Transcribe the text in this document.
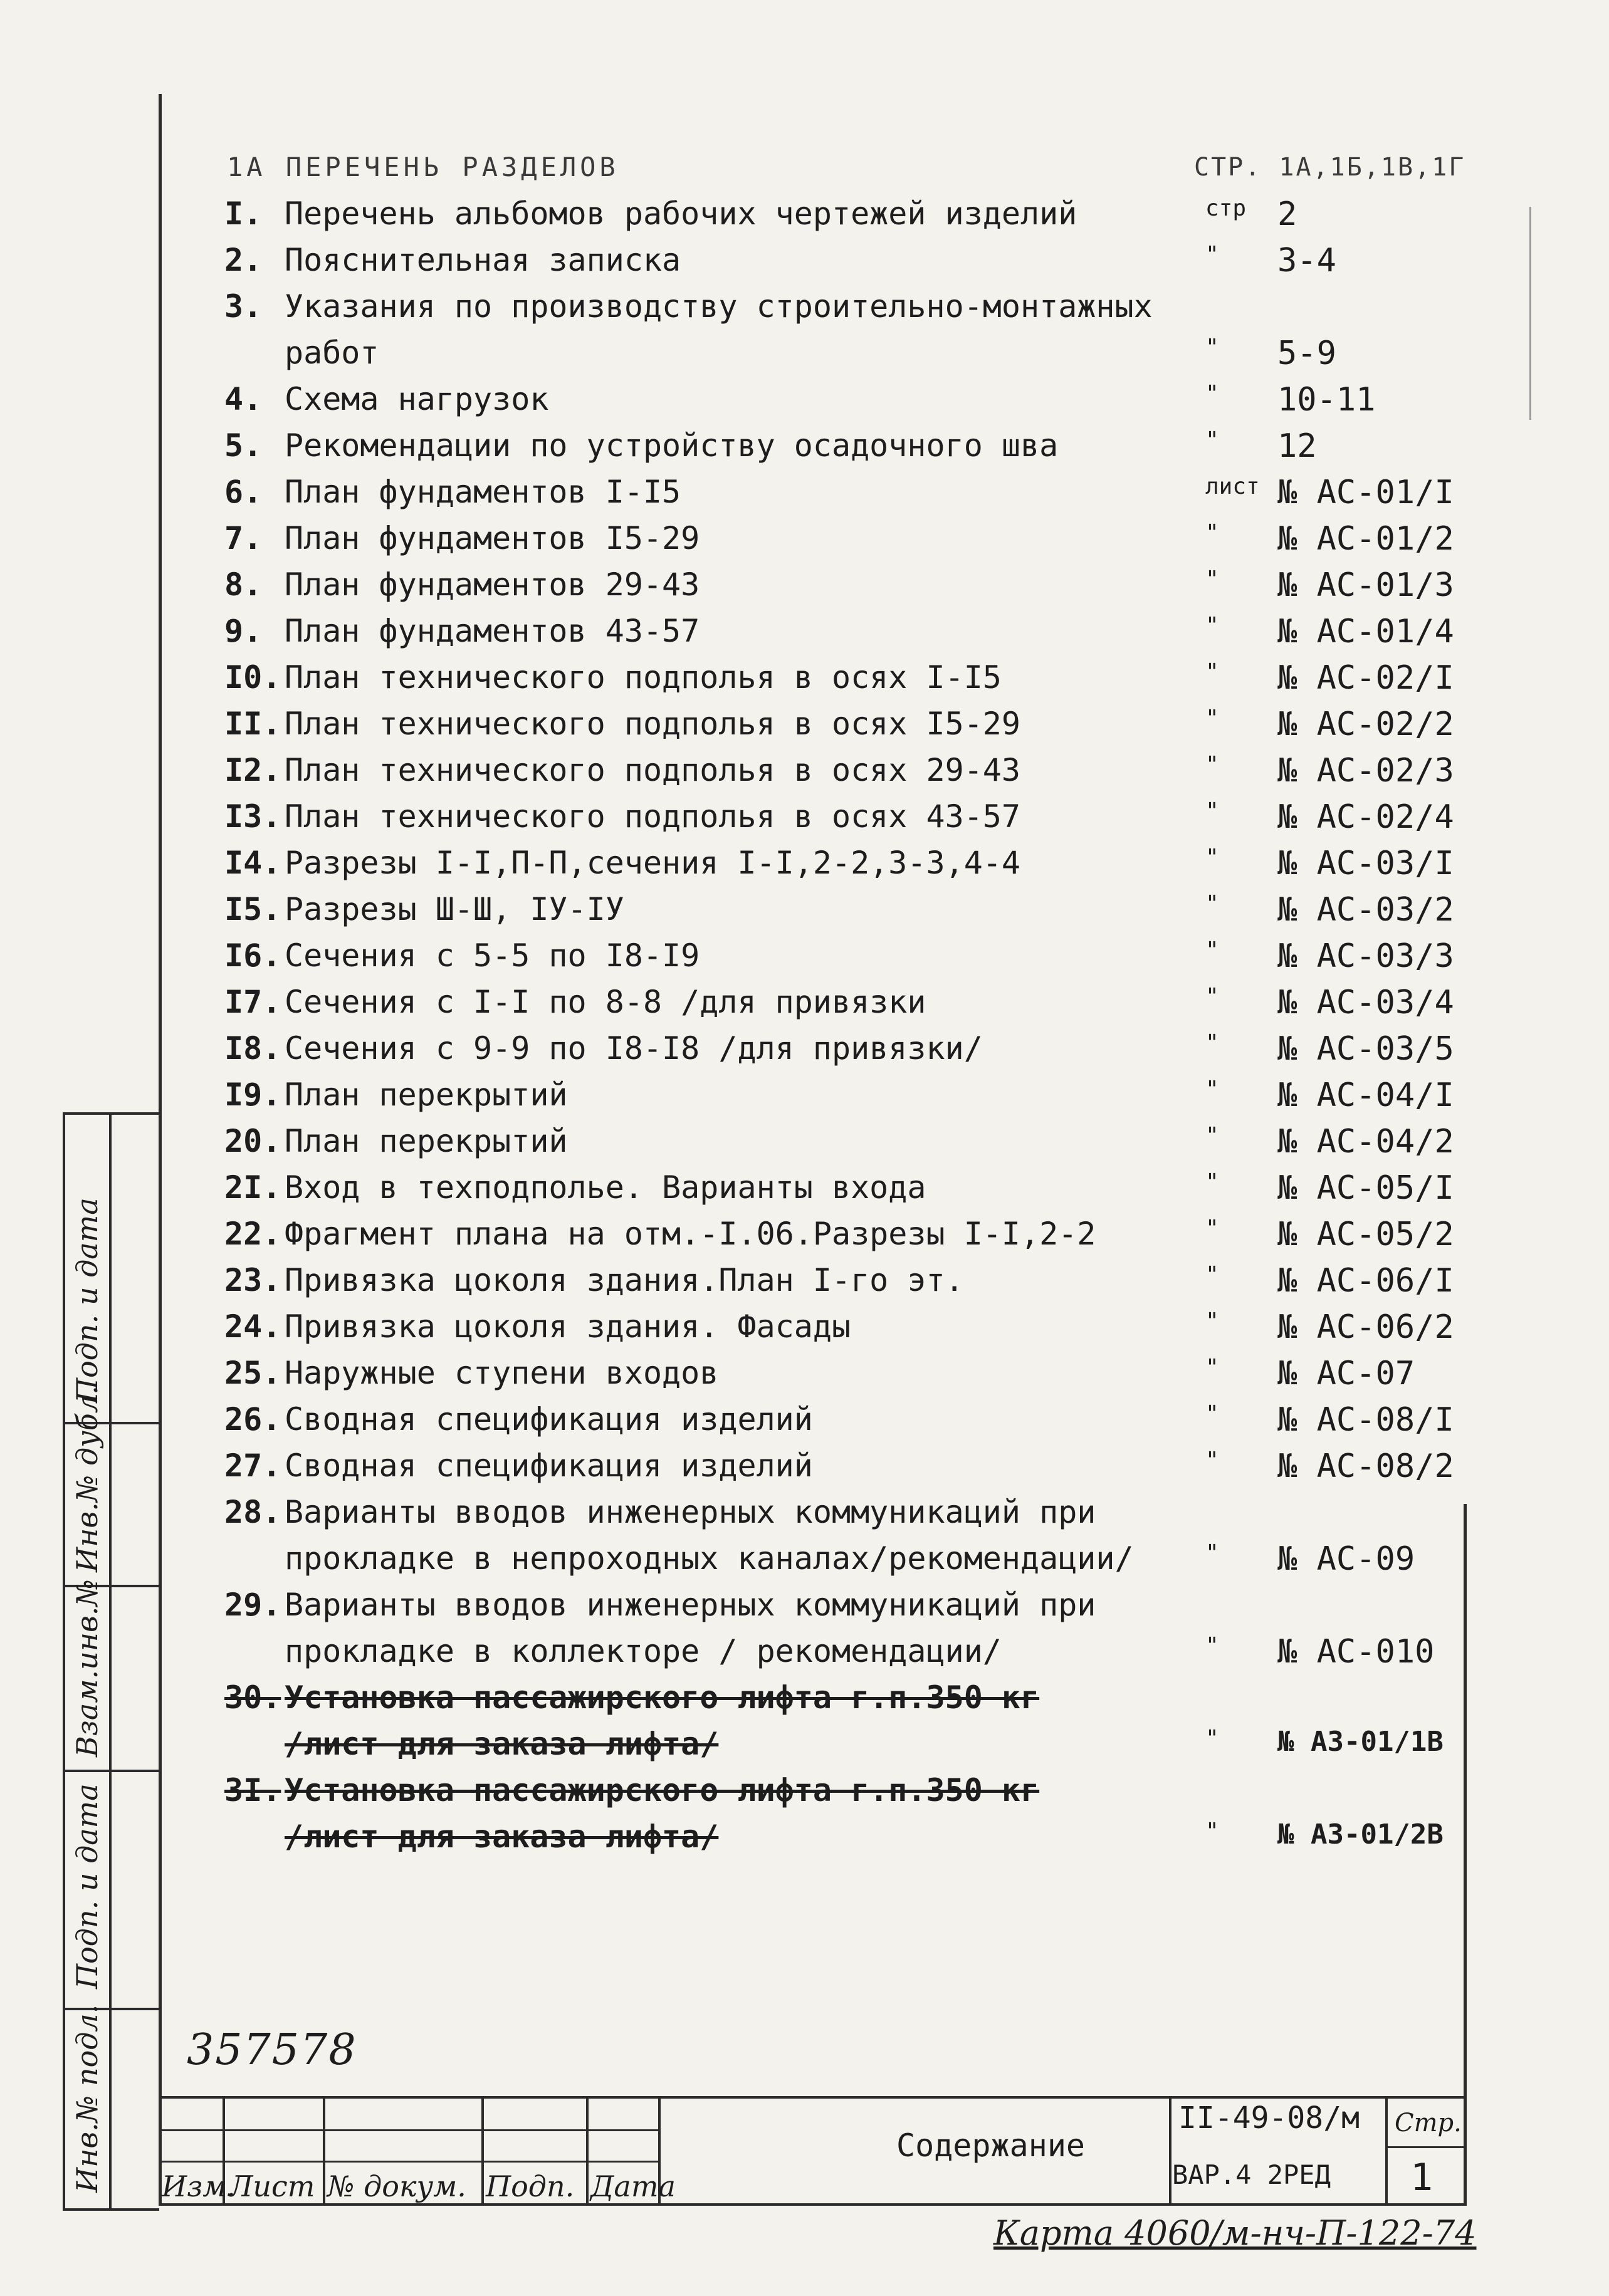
1А ПЕРЕЧЕНЬ РАЗДЕЛОВ	СТР. 1А,1Б,1В,1Г
I. Перечень альбомов рабочих чертежей изделий	стр 2
2. Пояснительная записка	" 3-4
3. Указания по производству строительно-монтажных
работ	" 5-9
4. Схема нагрузок	" 10-11
5. Рекомендации по устройству осадочного шва	" 12
6. План фундаментов I-I5	лист № АС-01/I
7. План фундаментов I5-29	" № АС-01/2
8. План фундаментов 29-43	" № АС-01/3
9. План фундаментов 43-57	" № АС-01/4
I0. План технического подполья в осях I-I5	" № АС-02/I
II. План технического подполья в осях I5-29	" № АС-02/2
I2. План технического подполья в осях 29-43	" № АС-02/3
I3. План технического подполья в осях 43-57	" № АС-02/4
I4. Разрезы I-I,П-П,сечения I-I,2-2,3-3,4-4	" № АС-03/I
I5. Разрезы Ш-Ш, IУ-IУ	" № АС-03/2
I6. Сечения с 5-5 по I8-I9	" № АС-03/3
I7. Сечения с I-I по 8-8 /для привязки	" № АС-03/4
I8. Сечения с 9-9 по I8-I8 /для привязки/	" № АС-03/5
I9. План перекрытий	" № АС-04/I
20. План перекрытий	" № АС-04/2
2I. Вход в техподполье. Варианты входа	" № АС-05/I
22. Фрагмент плана на отм.-I.06.Разрезы I-I,2-2	" № АС-05/2
23. Привязка цоколя здания.План I-го эт.	" № АС-06/I
24. Привязка цоколя здания. Фасады	" № АС-06/2
25. Наружные ступени входов	" № АС-07
26. Сводная спецификация изделий	" № АС-08/I
27. Сводная спецификация изделий	" № АС-08/2
28. Варианты вводов инженерных коммуникаций при
прокладке в непроходных каналах/рекомендации/	" № АС-09
29. Варианты вводов инженерных коммуникаций при
прокладке в коллекторе / рекомендации/	" № АС-010
30. Установка пассажирского лифта г.п.350 кг
/лист для заказа лифта/	" № АЗ-01/1В
3I. Установка пассажирского лифта г.п.350 кг
/лист для заказа лифта/	" № АЗ-01/2В
Подп. и дата
Инв.№ дубл.
Взам.инв.№
Подп. и дата
Инв.№ подл. 357578
Изм.
Лист № докум. Подп. Дата
Содержание
II-49-08/м
ВАР.4 2РЕД
Стр.
1
Карта 4060/м-нч-П-122-74
